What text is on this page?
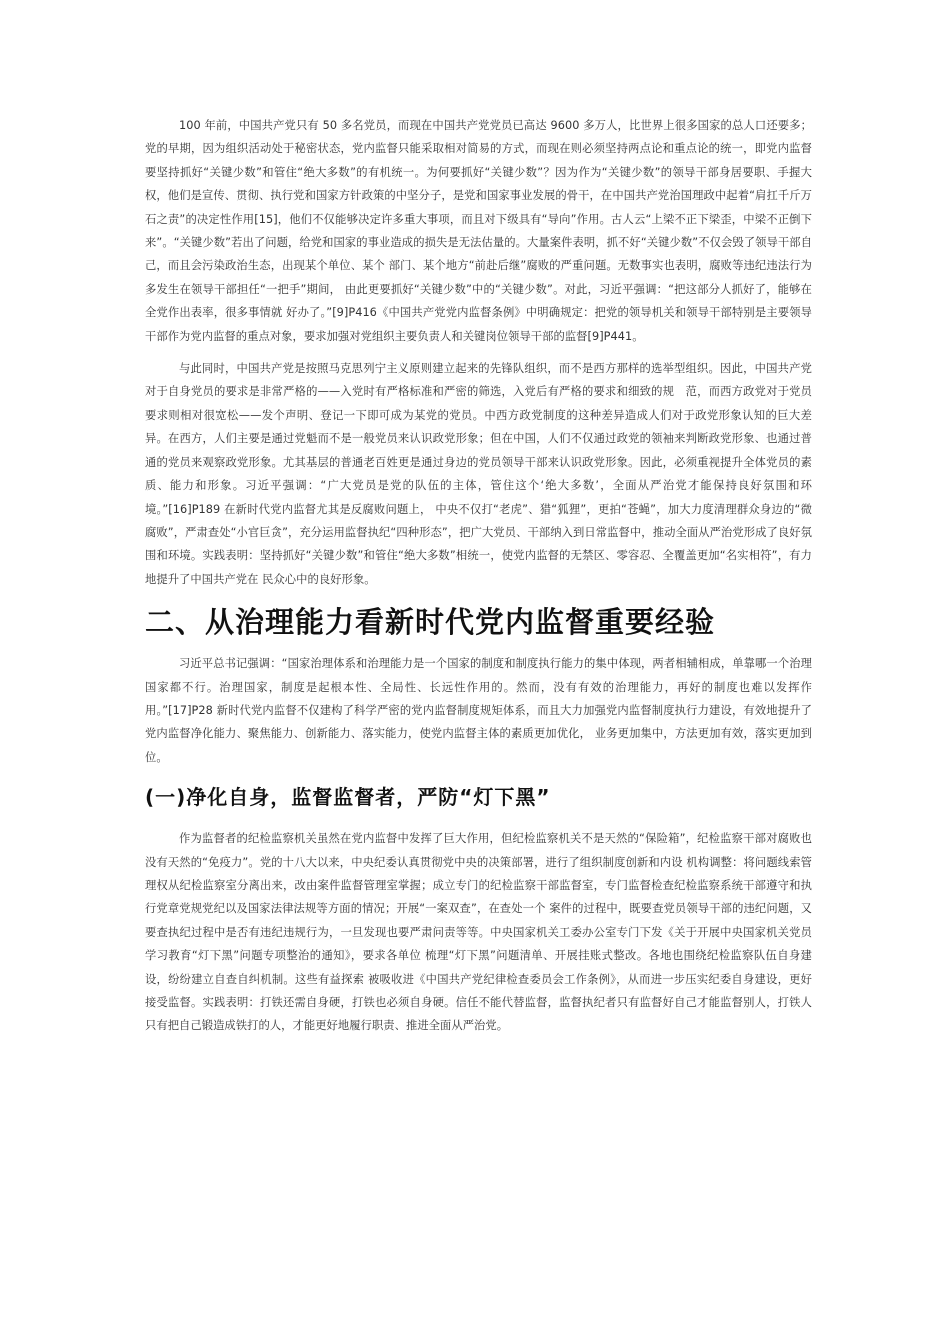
100 年前，中国共产党只有 50 多名党员，而现在中国共产党党员已高达 9600 多万人，比世界上很多国家的总人口还要多；党的早期，因为组织活动处于秘密状态，党内监督只能采取相对简易的方式，而现在则必须坚持两点论和重点论的统一，即党内监督要坚持抓好“关键少数”和管住“绝大多数”的有机统一。为何要抓好“关键少数”？因为作为“关键少数”的领导干部身居要职、手握大权，他们是宣传、贯彻、执行党和国家方针政策的中坚分子，是党和国家事业发展的骨干，在中国共产党治国理政中起着“肩扛千斤万石之责”的决定性作用[15]，他们不仅能够决定许多重大事项，而且对下级具有“导向”作用。古人云“上梁不正下梁歪，中梁不正倒下来”。“关键少数”若出了问题，给党和国家的事业造成的损失是无法估量的。大量案件表明，抓不好“关键少数”不仅会毁了领导干部自己，而且会污染政治生态，出现某个单位、某个 部门、某个地方“前赴后继”腐败的严重问题。无数事实也表明，腐败等违纪违法行为多发生在领导干部担任“一把手”期间， 由此更要抓好“关键少数”中的“关键少数”。对此，习近平强调：“把这部分人抓好了，能够在全党作出表率，很多事情就 好办了。”[9]P416《中国共产党党内监督条例》中明确规定：把党的领导机关和领导干部特别是主要领导干部作为党内监督的重点对象，要求加强对党组织主要负责人和关键岗位领导干部的监督[9]P441。

与此同时，中国共产党是按照马克思列宁主义原则建立起来的先锋队组织，而不是西方那样的选举型组织。因此，中国共产党对于自身党员的要求是非常严格的——入党时有严格标准和严密的筛选，入党后有严格的要求和细致的规　范，而西方政党对于党员要求则相对很宽松——发个声明、登记一下即可成为某党的党员。中西方政党制度的这种差异造成人们对于政党形象认知的巨大差异。在西方，人们主要是通过党魁而不是一般党员来认识政党形象；但在中国，人们不仅通过政党的领袖来判断政党形象、也通过普通的党员来观察政党形象。尤其基层的普通老百姓更是通过身边的党员领导干部来认识政党形象。因此，必须重视提升全体党员的素质、能力和形象。习近平强调：“广大党员是党的队伍的主体，管住这个‘绝大多数’，全面从严治党才能保持良好氛围和环境。”[16]P189 在新时代党内监督尤其是反腐败问题上， 中央不仅打“老虎”、猎“狐狸”，更拍“苍蝇”，加大力度清理群众身边的“微腐败”，严肃查处“小官巨贪”，充分运用监督执纪“四种形态”，把广大党员、干部纳入到日常监督中，推动全面从严治党形成了良好氛围和环境。实践表明：坚持抓好“关键少数”和管住“绝大多数”相统一，使党内监督的无禁区、零容忍、全覆盖更加“名实相符”，有力地提升了中国共产党在 民众心中的良好形象。

二、从治理能力看新时代党内监督重要经验

习近平总书记强调：“国家治理体系和治理能力是一个国家的制度和制度执行能力的集中体现，两者相辅相成，单靠哪一个治理国家都不行。治理国家，制度是起根本性、全局性、长远性作用的。然而，没有有效的治理能力，再好的制度也难以发挥作用。”[17]P28 新时代党内监督不仅建构了科学严密的党内监督制度规矩体系，而且大力加强党内监督制度执行力建设，有效地提升了党内监督净化能力、聚焦能力、创新能力、落实能力，使党内监督主体的素质更加优化， 业务更加集中，方法更加有效，落实更加到位。

(一)净化自身，监督监督者，严防“灯下黑”

作为监督者的纪检监察机关虽然在党内监督中发挥了巨大作用，但纪检监察机关不是天然的“保险箱”，纪检监察干部对腐败也没有天然的“免疫力”。党的十八大以来，中央纪委认真贯彻党中央的决策部署，进行了组织制度创新和内设 机构调整：将问题线索管理权从纪检监察室分离出来，改由案件监督管理室掌握；成立专门的纪检监察干部监督室，专门监督检查纪检监察系统干部遵守和执行党章党规党纪以及国家法律法规等方面的情况；开展“一案双查”，在查处一个 案件的过程中，既要查党员领导干部的违纪问题，又要查执纪过程中是否有违纪违规行为，一旦发现也要严肃问责等等。中央国家机关工委办公室专门下发《关于开展中央国家机关党员学习教育“灯下黑”问题专项整治的通知》，要求各单位 梳理“灯下黑”问题清单、开展挂账式整改。各地也围绕纪检监察队伍自身建设，纷纷建立自查自纠机制。这些有益探索 被吸收进《中国共产党纪律检查委员会工作条例》，从而进一步压实纪委自身建设，更好接受监督。实践表明：打铁还需自身硬，打铁也必须自身硬。信任不能代替监督，监督执纪者只有监督好自己才能监督别人，打铁人只有把自己锻造成铁打的人，才能更好地履行职责、推进全面从严治党。
